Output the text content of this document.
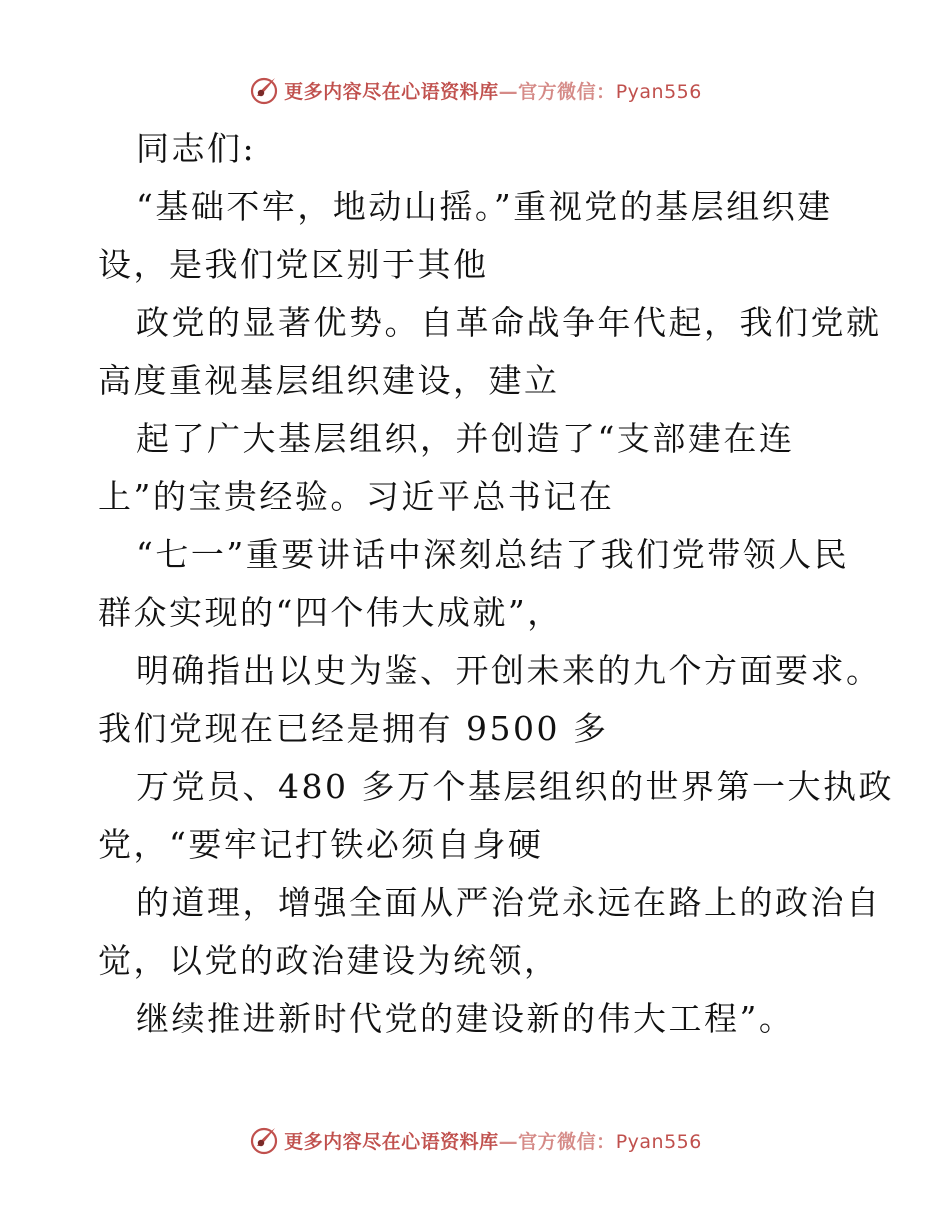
更多内容尽在心语资料库—官方微信：Pyan556
同志们:
“基础不牢，地动山摇。”重视党的基层组织建
设，是我们党区别于其他
政党的显著优势。自革命战争年代起，我们党就
高度重视基层组织建设，建立
起了广大基层组织，并创造了“支部建在连
上”的宝贵经验。习近平总书记在
“七一”重要讲话中深刻总结了我们党带领人民
群众实现的“四个伟大成就”，
明确指出以史为鉴、开创未来的九个方面要求。
我们党现在已经是拥有 9500 多
万党员、480 多万个基层组织的世界第一大执政
党，“要牢记打铁必须自身硬
的道理，增强全面从严治党永远在路上的政治自
觉，以党的政治建设为统领，
继续推进新时代党的建设新的伟大工程”。
更多内容尽在心语资料库—官方微信：Pyan556
